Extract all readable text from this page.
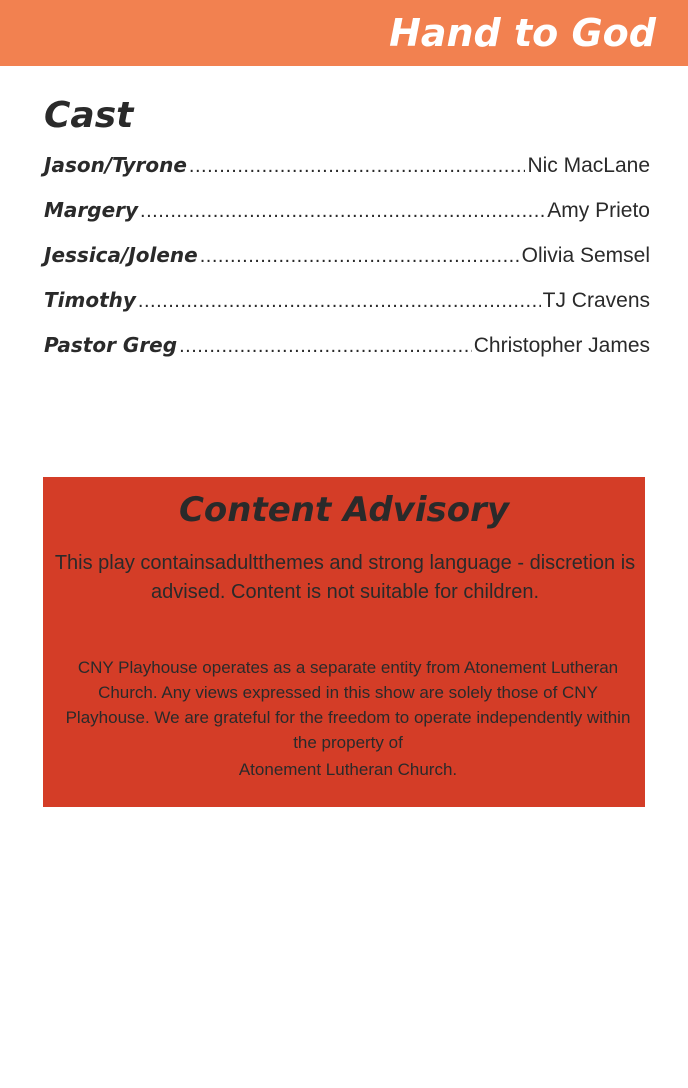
Hand to God
Cast
Jason/Tyrone .....	Nic MacLane
Margery .....	Amy Prieto
Jessica/Jolene .....	Olivia Semsel
Timothy .....	TJ Cravens
Pastor Greg .....	Christopher James
Content Advisory
This play containsadultthemes and strong language - discretion is advised. Content is not suitable for children.
CNY Playhouse operates as a separate entity from Atonement Lutheran Church. Any views expressed in this show are solely those of CNY Playhouse. We are grateful for the freedom to operate independently within the property of
Atonement Lutheran Church.
